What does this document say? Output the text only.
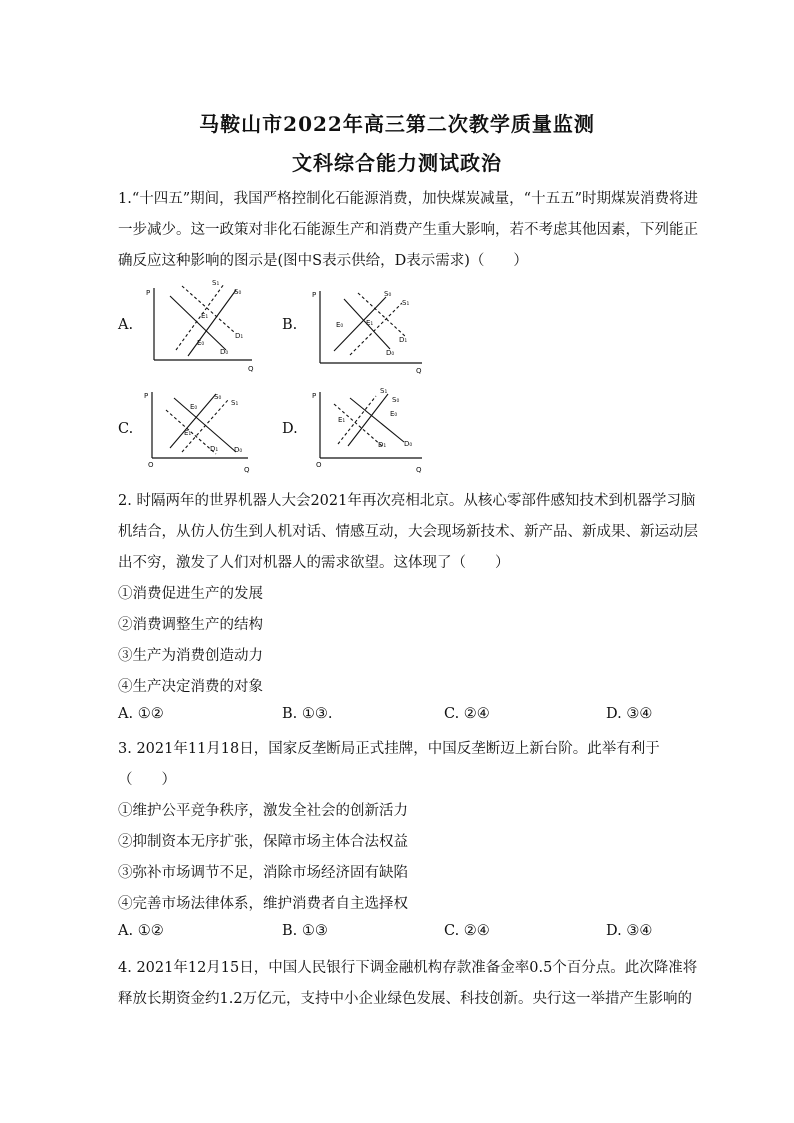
马鞍山市2022年高三第二次教学质量监测
文科综合能力测试政治
1.“十四五”期间，我国严格控制化石能源消费，加快煤炭减量，“十五五”时期煤炭消费将进
一步减少。这一政策对非化石能源生产和消费产生重大影响，若不考虑其他因素，下列能正
确反应这种影响的图示是(图中S表示供给，D表示需求)（　　）
A.
P
Q
S₁
S₀
E₁
E₀
D₁
D₀
B.
P
Q
S₀
S₁
E₀	E₁
D₁
D₀
C.
P
Q
O
E₀
S₀
S₁
E₁
D₁ D₀
D.
P
Q
O
S₁
S₀
E₀
E₁
D₁	D₀
2. 时隔两年的世界机器人大会2021年再次亮相北京。从核心零部件感知技术到机器学习脑
机结合，从仿人仿生到人机对话、情感互动，大会现场新技术、新产品、新成果、新运动层
出不穷，激发了人们对机器人的需求欲望。这体现了（　　）
①消费促进生产的发展
②消费调整生产的结构
③生产为消费创造动力
④生产决定消费的对象
A. ①②	B. ①③.	C. ②④	D. ③④
3. 2021年11月18日，国家反垄断局正式挂牌，中国反垄断迈上新台阶。此举有利于
（　　）
①维护公平竞争秩序，激发全社会的创新活力
②抑制资本无序扩张，保障市场主体合法权益
③弥补市场调节不足，消除市场经济固有缺陷
④完善市场法律体系，维护消费者自主选择权
A. ①②	B. ①③	C. ②④	D. ③④
4. 2021年12月15日，中国人民银行下调金融机构存款准备金率0.5个百分点。此次降准将
释放长期资金约1.2万亿元，支持中小企业绿色发展、科技创新。央行这一举措产生影响的
